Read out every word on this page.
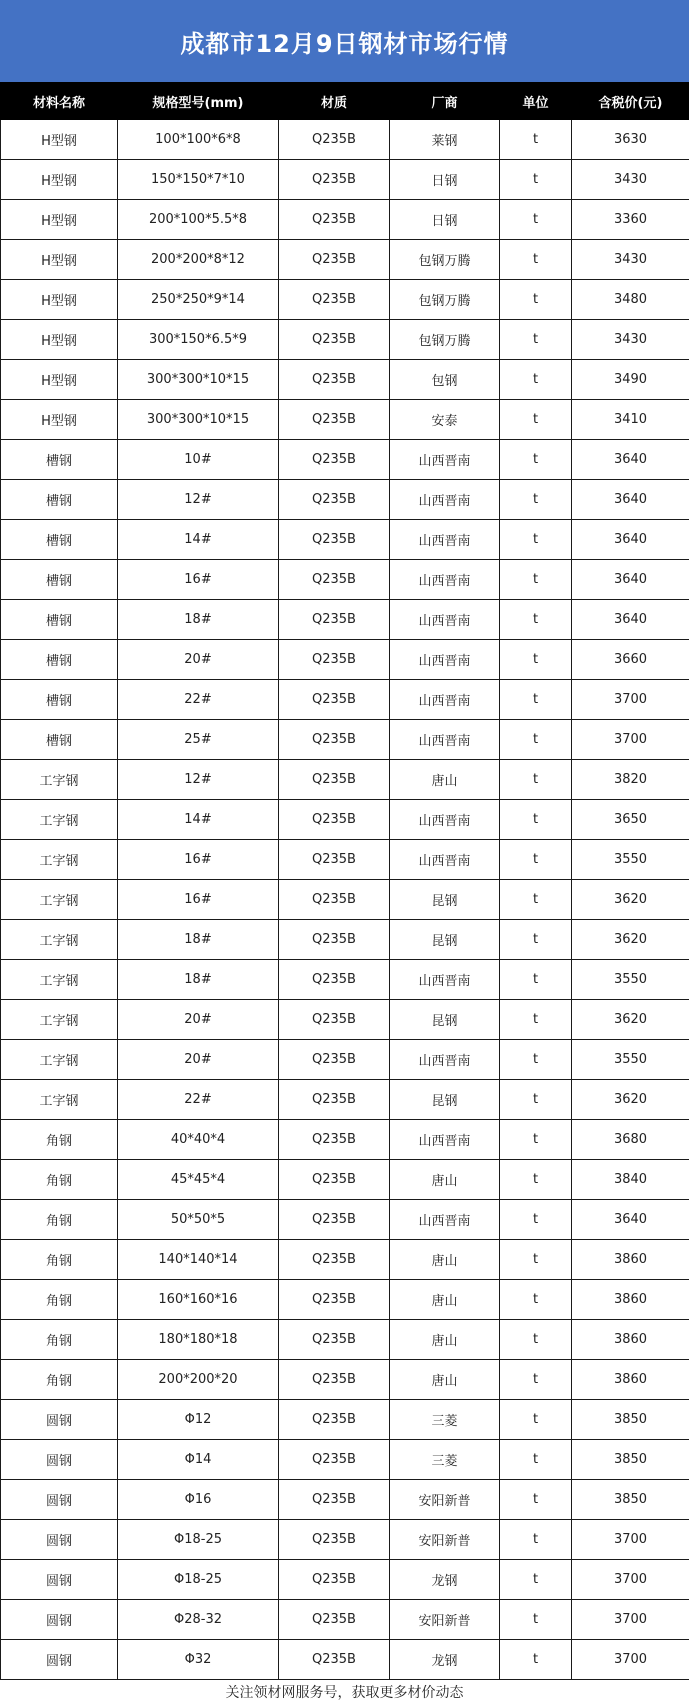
成都市12月9日钢材市场行情
材料名称	规格型号(mm)	材质	厂商	单位	含税价(元)
H型钢	100*100*6*8	Q235B	莱钢	t	3630
H型钢	150*150*7*10	Q235B	日钢	t	3430
H型钢	200*100*5.5*8	Q235B	日钢	t	3360
H型钢	200*200*8*12	Q235B	包钢万腾	t	3430
H型钢	250*250*9*14	Q235B	包钢万腾	t	3480
H型钢	300*150*6.5*9	Q235B	包钢万腾	t	3430
H型钢	300*300*10*15	Q235B	包钢	t	3490
H型钢	300*300*10*15	Q235B	安泰	t	3410
槽钢	10#	Q235B	山西晋南	t	3640
槽钢	12#	Q235B	山西晋南	t	3640
槽钢	14#	Q235B	山西晋南	t	3640
槽钢	16#	Q235B	山西晋南	t	3640
槽钢	18#	Q235B	山西晋南	t	3640
槽钢	20#	Q235B	山西晋南	t	3660
槽钢	22#	Q235B	山西晋南	t	3700
槽钢	25#	Q235B	山西晋南	t	3700
工字钢	12#	Q235B	唐山	t	3820
工字钢	14#	Q235B	山西晋南	t	3650
工字钢	16#	Q235B	山西晋南	t	3550
工字钢	16#	Q235B	昆钢	t	3620
工字钢	18#	Q235B	昆钢	t	3620
工字钢	18#	Q235B	山西晋南	t	3550
工字钢	20#	Q235B	昆钢	t	3620
工字钢	20#	Q235B	山西晋南	t	3550
工字钢	22#	Q235B	昆钢	t	3620
角钢	40*40*4	Q235B	山西晋南	t	3680
角钢	45*45*4	Q235B	唐山	t	3840
角钢	50*50*5	Q235B	山西晋南	t	3640
角钢	140*140*14	Q235B	唐山	t	3860
角钢	160*160*16	Q235B	唐山	t	3860
角钢	180*180*18	Q235B	唐山	t	3860
角钢	200*200*20	Q235B	唐山	t	3860
圆钢	Φ12	Q235B	三菱	t	3850
圆钢	Φ14	Q235B	三菱	t	3850
圆钢	Φ16	Q235B	安阳新普	t	3850
圆钢	Φ18-25	Q235B	安阳新普	t	3700
圆钢	Φ18-25	Q235B	龙钢	t	3700
圆钢	Φ28-32	Q235B	安阳新普	t	3700
圆钢	Φ32	Q235B	龙钢	t	3700
关注领材网服务号，获取更多材价动态
